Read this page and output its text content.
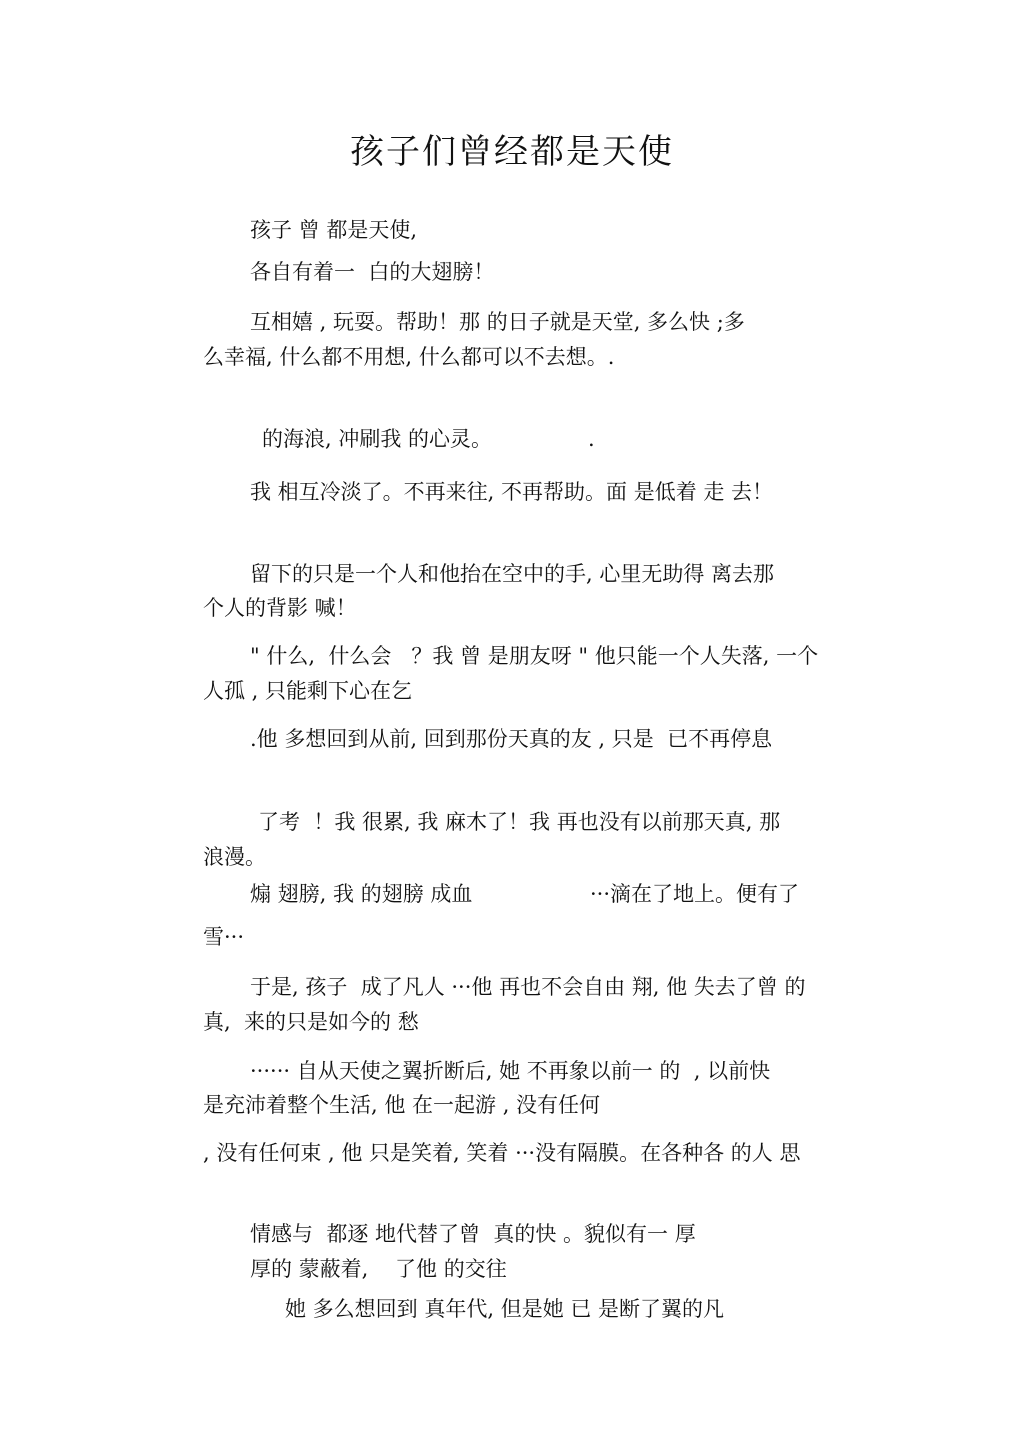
孩子们曾经都是天使
孩子 曾 都是天使,
各自有着一  白的大翅膀！
互相嬉 , 玩耍。帮助！那 的日子就是天堂, 多么快 ;多
么幸福, 什么都不用想, 什么都可以不去想。.
的海浪, 冲刷我 的心灵。	.
我 相互冷淡了。不再来往, 不再帮助。面 是低着 走 去！
留下的只是一个人和他抬在空中的手, 心里无助得 离去那
个人的背影 喊！
" 什么,  什么会   ？我 曾 是朋友呀 " 他只能一个人失落, 一个
人孤 , 只能剩下心在乞
.他 多想回到从前, 回到那份天真的友 , 只是  已不再停息
了考  ！我 很累, 我 麻木了！我 再也没有以前那天真, 那
浪漫。
煽 翅膀, 我 的翅膀 成血	···滴在了地上。便有了
雪···
于是, 孩子  成了凡人 ···他 再也不会自由 翔, 他 失去了曾 的
真,  来的只是如今的 愁
······ 自从天使之翼折断后, 她 不再象以前一 的  , 以前快
是充沛着整个生活, 他 在一起游 , 没有任何
, 没有任何束 , 他 只是笑着, 笑着 ···没有隔膜。在各种各 的人 思
情感与  都逐 地代替了曾  真的快 。貌似有一 厚
厚的 蒙蔽着,    了他 的交往
她 多么想回到 真年代, 但是她 已 是断了翼的凡
